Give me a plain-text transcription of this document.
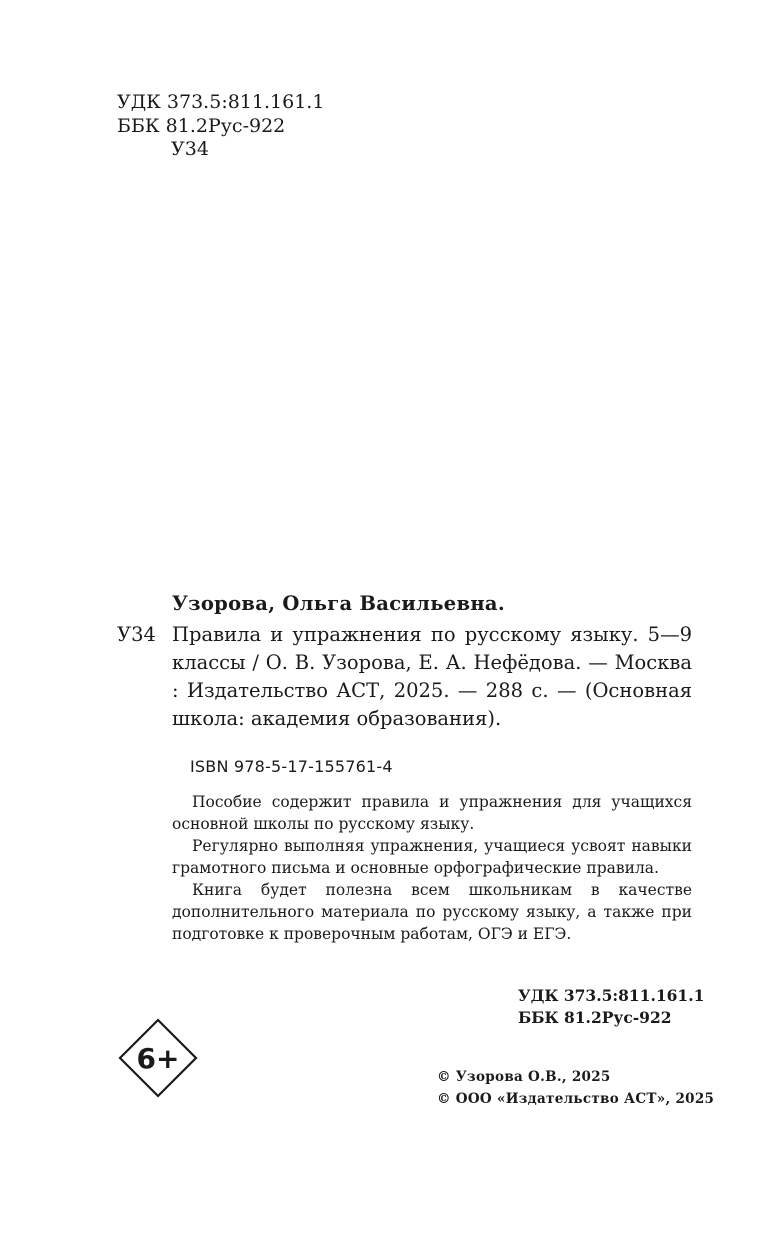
УДК 373.5:811.161.1
ББК 81.2Рус-922
У34
Узорова, Ольга Васильевна.
У34 Правила и упражнения по русскому языку. 5—9 классы / О. В. Узорова, Е. А. Нефёдова. — Москва : Издательство АСТ, 2025. — 288 с. — (Основная школа: академия образования).
ISBN 978-5-17-155761-4

Пособие содержит правила и упражнения для учащихся основной школы по русскому языку.

Регулярно выполняя упражнения, учащиеся усвоят навыки грамотного письма и основные орфографические правила.

Книга будет полезна всем школьникам в качестве дополнительного материала по русскому языку, а также при подготовке к проверочным работам, ОГЭ и ЕГЭ.

УДК 373.5:811.161.1
ББК 81.2Рус-922
6+
© Узорова О.В., 2025
© ООО «Издательство АСТ», 2025
